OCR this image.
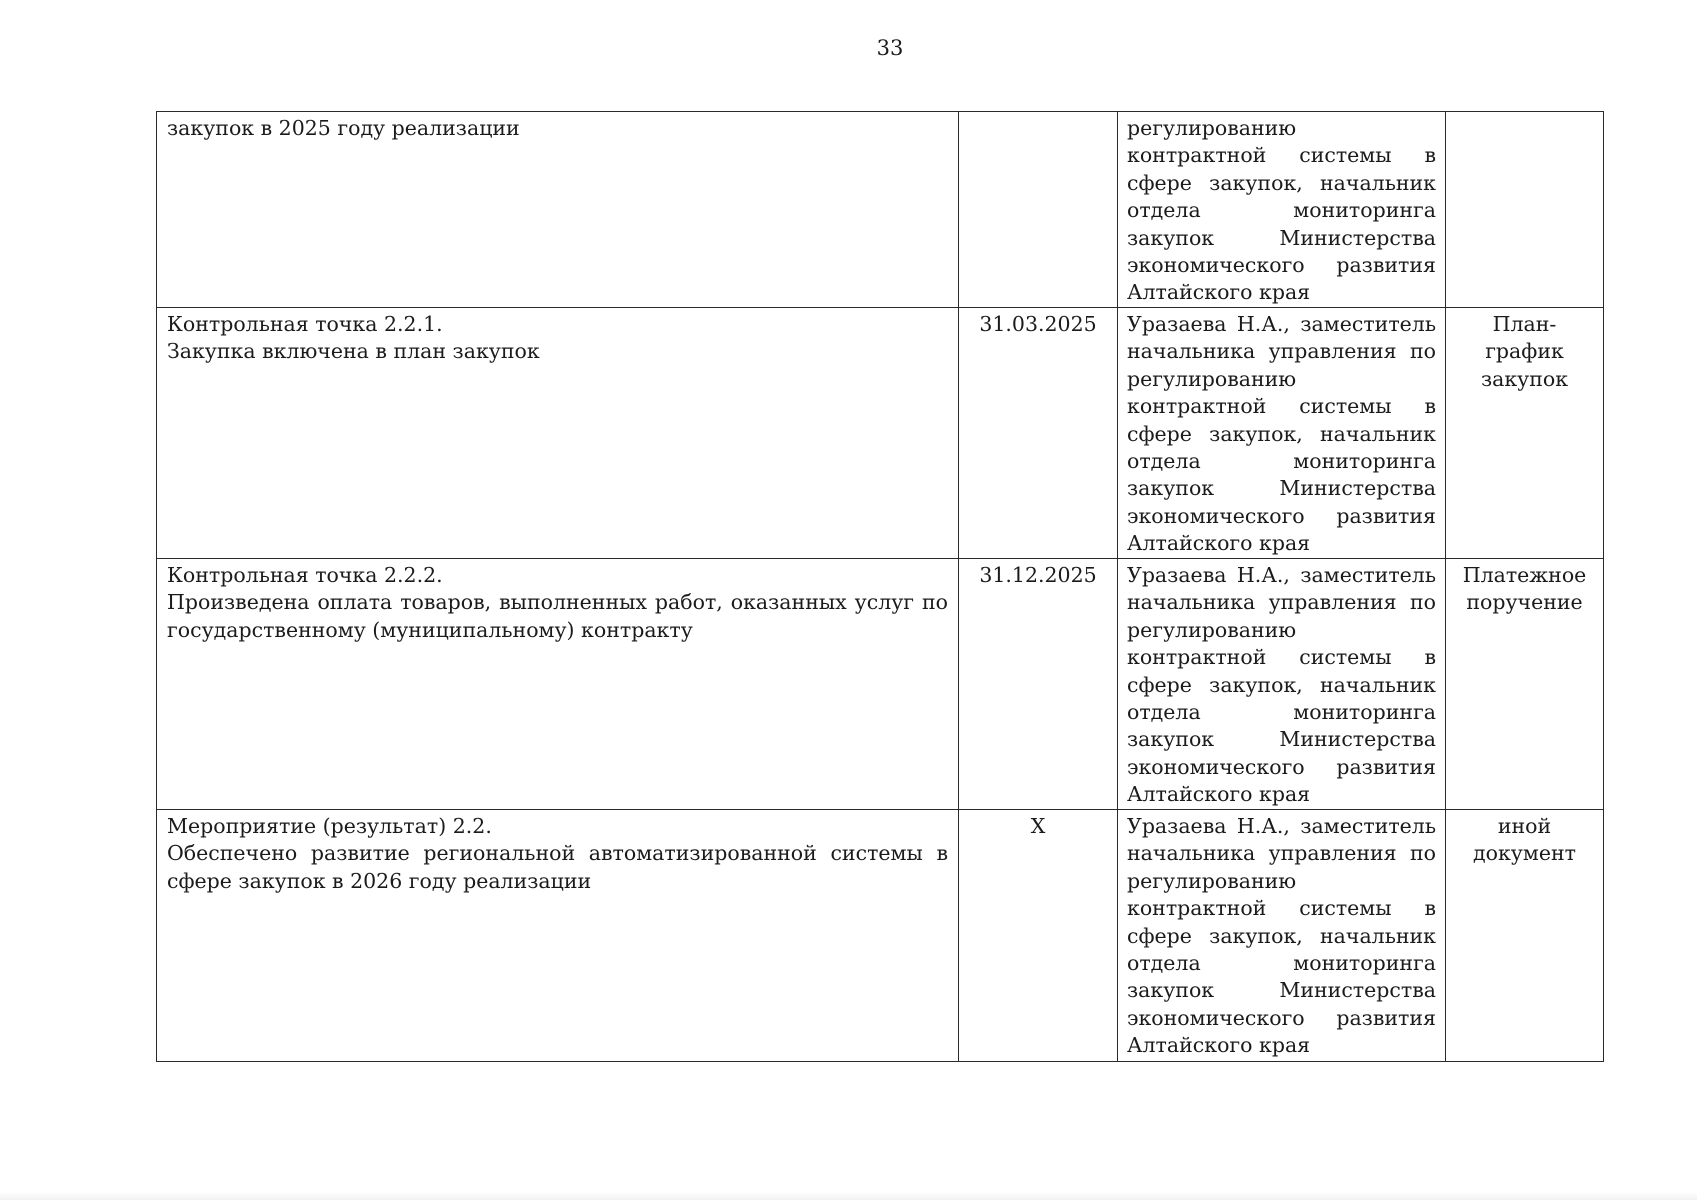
33
закупок в 2025 году реализации		регулированию контрактной системы в сфере закупок, начальник отдела мониторинга закупок Министерства экономического развития Алтайского края	
Контрольная точка 2.2.1.
Закупка включена в план закупок	31.03.2025	Уразаева Н.А., заместитель начальника управления по регулированию контрактной системы в сфере закупок, начальник отдела мониторинга закупок Министерства экономического развития Алтайского края	План-график закупок
Контрольная точка 2.2.2.
Произведена оплата товаров, выполненных работ, оказанных услуг по государственному (муниципальному) контракту	31.12.2025	Уразаева Н.А., заместитель начальника управления по регулированию контрактной системы в сфере закупок, начальник отдела мониторинга закупок Министерства экономического развития Алтайского края	Платежное поручение
Мероприятие (результат) 2.2.
Обеспечено развитие региональной автоматизированной системы в сфере закупок в 2026 году реализации	X	Уразаева Н.А., заместитель начальника управления по регулированию контрактной системы в сфере закупок, начальник отдела мониторинга закупок Министерства экономического развития Алтайского края	иной документ
